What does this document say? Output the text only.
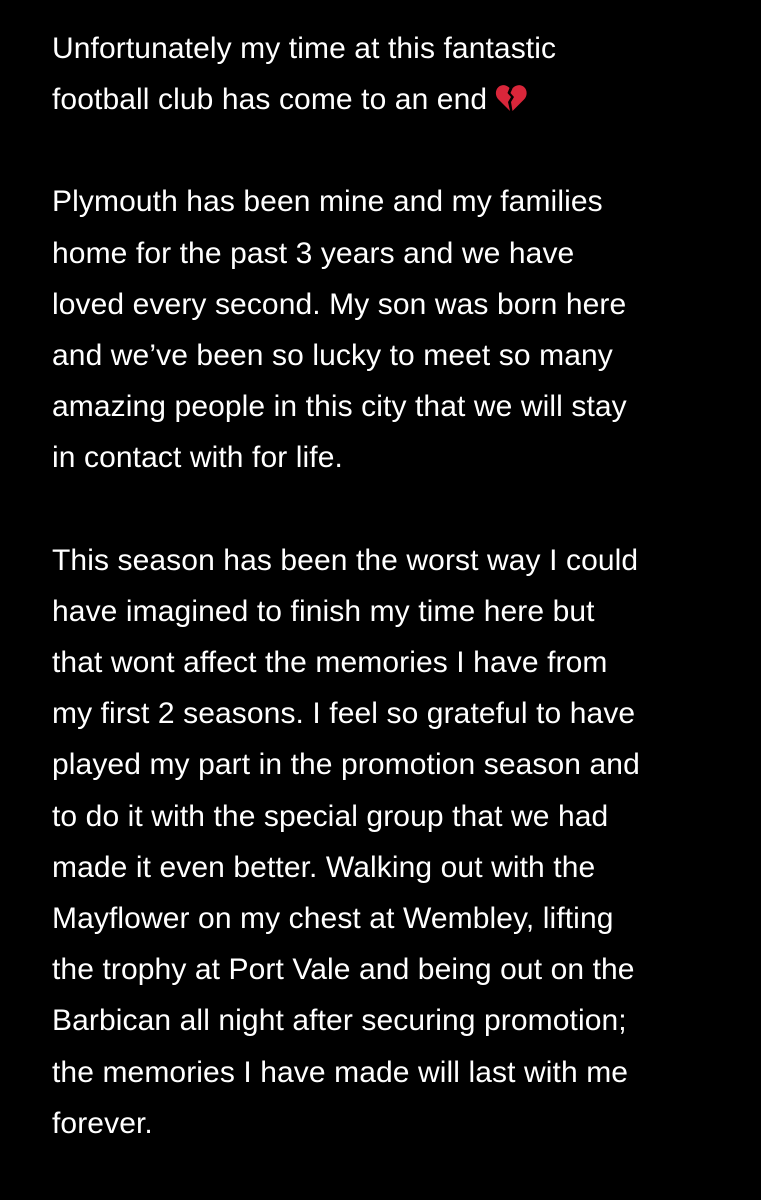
Unfortunately my time at this fantastic
football club has come to an end
Plymouth has been mine and my families
home for the past 3 years and we have
loved every second. My son was born here
and we’ve been so lucky to meet so many
amazing people in this city that we will stay
in contact with for life.
This season has been the worst way I could
have imagined to finish my time here but
that wont affect the memories I have from
my first 2 seasons. I feel so grateful to have
played my part in the promotion season and
to do it with the special group that we had
made it even better. Walking out with the
Mayflower on my chest at Wembley, lifting
the trophy at Port Vale and being out on the
Barbican all night after securing promotion;
the memories I have made will last with me
forever.
